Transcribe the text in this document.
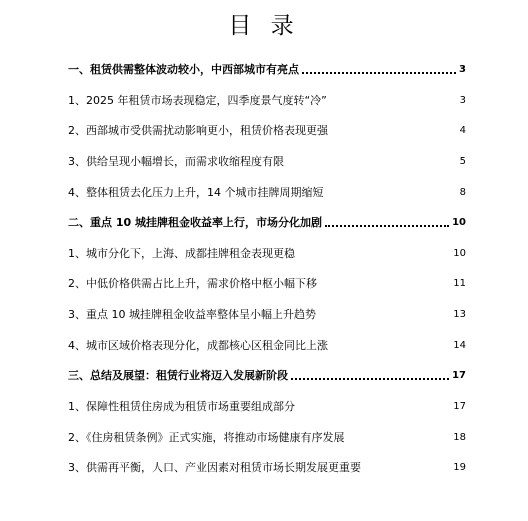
目 录
一、租赁供需整体波动较小，中西部城市有亮点	3
1、2025 年租赁市场表现稳定，四季度景气度转“冷”	3
2、西部城市受供需扰动影响更小，租赁价格表现更强	4
3、供给呈现小幅增长，而需求收缩程度有限	5
4、整体租赁去化压力上升，14 个城市挂牌周期缩短	8
二、重点 10 城挂牌租金收益率上行，市场分化加剧	10
1、城市分化下，上海、成都挂牌租金表现更稳	10
2、中低价格供需占比上升，需求价格中枢小幅下移	11
3、重点 10 城挂牌租金收益率整体呈小幅上升趋势	13
4、城市区域价格表现分化，成都核心区租金同比上涨	14
三、总结及展望：租赁行业将迈入发展新阶段	17
1、保障性租赁住房成为租赁市场重要组成部分	17
2、《住房租赁条例》正式实施，将推动市场健康有序发展	18
3、供需再平衡，人口、产业因素对租赁市场长期发展更重要	19
